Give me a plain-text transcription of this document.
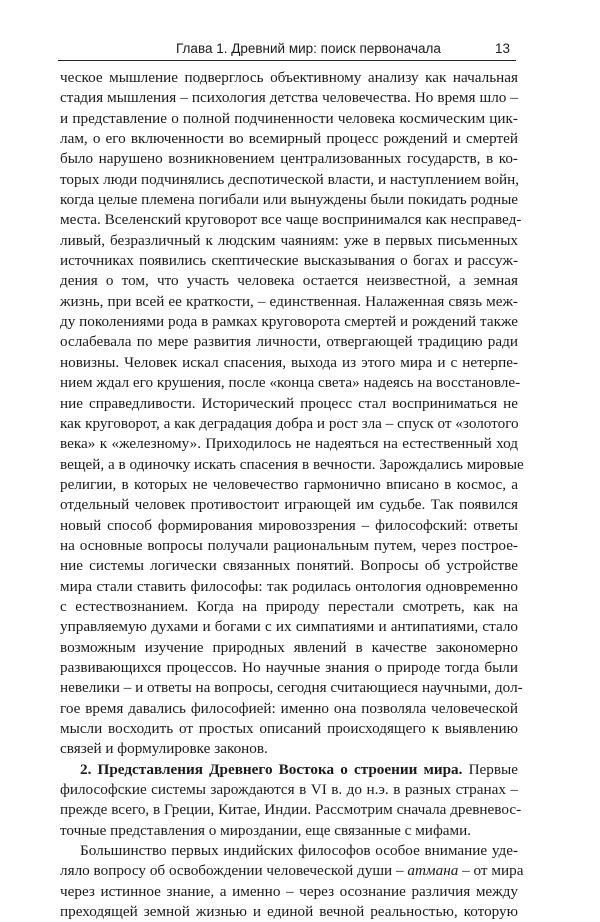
Глава 1. Древний мир: поиск первоначала	13
ческое мышление подверглось объективному анализу как начальная
стадия мышления – психология детства человечества. Но время шло –
и представление о полной подчиненности человека космическим цик-
лам, о его включенности во всемирный процесс рождений и смертей
было нарушено возникновением централизованных государств, в ко-
торых люди подчинялись деспотической власти, и наступлением войн,
когда целые племена погибали или вынуждены были покидать родные
места. Вселенский круговорот все чаще воспринимался как несправед-
ливый, безразличный к людским чаяниям: уже в первых письменных
источниках появились скептические высказывания о богах и рассуж-
дения о том, что участь человека остается неизвестной, а земная
жизнь, при всей ее краткости, – единственная. Налаженная связь меж-
ду поколениями рода в рамках круговорота смертей и рождений также
ослабевала по мере развития личности, отвергающей традицию ради
новизны. Человек искал спасения, выхода из этого мира и с нетерпе-
нием ждал его крушения, после «конца света» надеясь на восстановле-
ние справедливости. Исторический процесс стал восприниматься не
как круговорот, а как деградация добра и рост зла – спуск от «золотого
века» к «железному». Приходилось не надеяться на естественный ход
вещей, а в одиночку искать спасения в вечности. Зарождались мировые
религии, в которых не человечество гармонично вписано в космос, а
отдельный человек противостоит играющей им судьбе. Так появился
новый способ формирования мировоззрения – философский: ответы
на основные вопросы получали рациональным путем, через построе-
ние системы логически связанных понятий. Вопросы об устройстве
мира стали ставить философы: так родилась онтология одновременно
с естествознанием. Когда на природу перестали смотреть, как на
управляемую духами и богами с их симпатиями и антипатиями, стало
возможным изучение природных явлений в качестве закономерно
развивающихся процессов. Но научные знания о природе тогда были
невелики – и ответы на вопросы, сегодня считающиеся научными, дол-
гое время давались философией: именно она позволяла человеческой
мысли восходить от простых описаний происходящего к выявлению
связей и формулировке законов.
2. Представления Древнего Востока о строении мира. Первые
философские системы зарождаются в VI в. до н.э. в разных странах –
прежде всего, в Греции, Китае, Индии. Рассмотрим сначала древневос-
точные представления о мироздании, еще связанные с мифами.
Большинство первых индийских философов особое внимание уде-
ляло вопросу об освобождении человеческой души – атмана – от мира
через истинное знание, а именно – через осознание различия между
преходящей земной жизнью и единой вечной реальностью, которую
